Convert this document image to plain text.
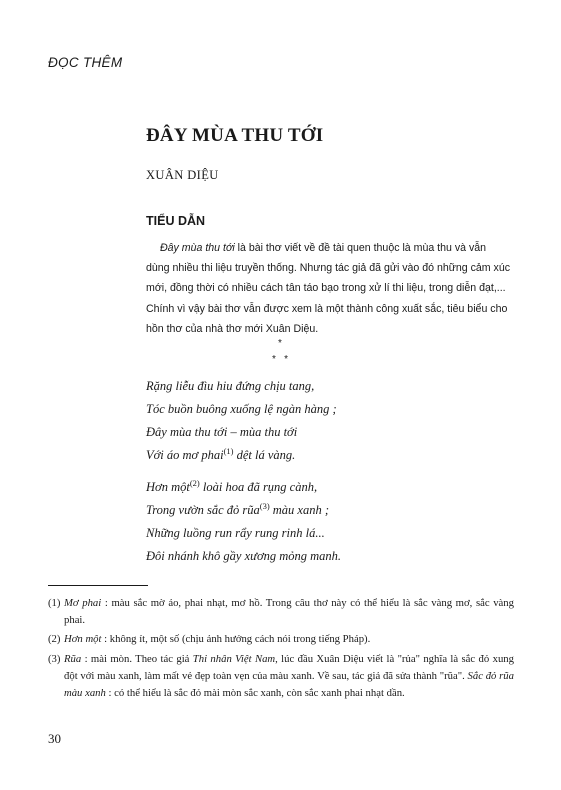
ĐỌC THÊM
ĐÂY MÙA THU TỚI
XUÂN DIỆU
TIỂU DẪN
Đây mùa thu tới là bài thơ viết về đề tài quen thuộc là mùa thu và vẫn
dùng nhiều thi liệu truyền thống. Nhưng tác giả đã gửi vào đó những cảm xúc
mới, đồng thời có nhiều cách tân táo bạo trong xử lí thi liệu, trong diễn đạt,...
Chính vì vậy bài thơ vẫn được xem là một thành công xuất sắc, tiêu biểu cho
hồn thơ của nhà thơ mới Xuân Diệu.
*
*   *
Rặng liễu đìu hiu đứng chịu tang,
Tóc buồn buông xuống lệ ngàn hàng ;
Đây mùa thu tới – mùa thu tới
Với áo mơ phai$^{(1)}$ dệt lá vàng.
Hơn một$^{(2)}$ loài hoa đã rụng cành,
Trong vườn sắc đỏ rũa$^{(3)}$ màu xanh ;
Những luồng run rẩy rung rinh lá...
Đôi nhánh khô gầy xương mỏng manh.
(1) Mơ phai : màu sắc mờ ảo, phai nhạt, mơ hồ. Trong câu thơ này có thể hiểu là sắc vàng mơ, sắc vàng phai.
(2) Hơn một : không ít, một số (chịu ảnh hưởng cách nói trong tiếng Pháp).
(3) Rũa : mài mòn. Theo tác giả Thi nhân Việt Nam, lúc đầu Xuân Diệu viết là "rủa" nghĩa là sắc đỏ xung đột với màu xanh, làm mất vẻ đẹp toàn vẹn của màu xanh. Về sau, tác giả đã sửa thành "rũa". Sắc đỏ rũa màu xanh : có thể hiểu là sắc đỏ mài mòn sắc xanh, còn sắc xanh phai nhạt dần.
30
